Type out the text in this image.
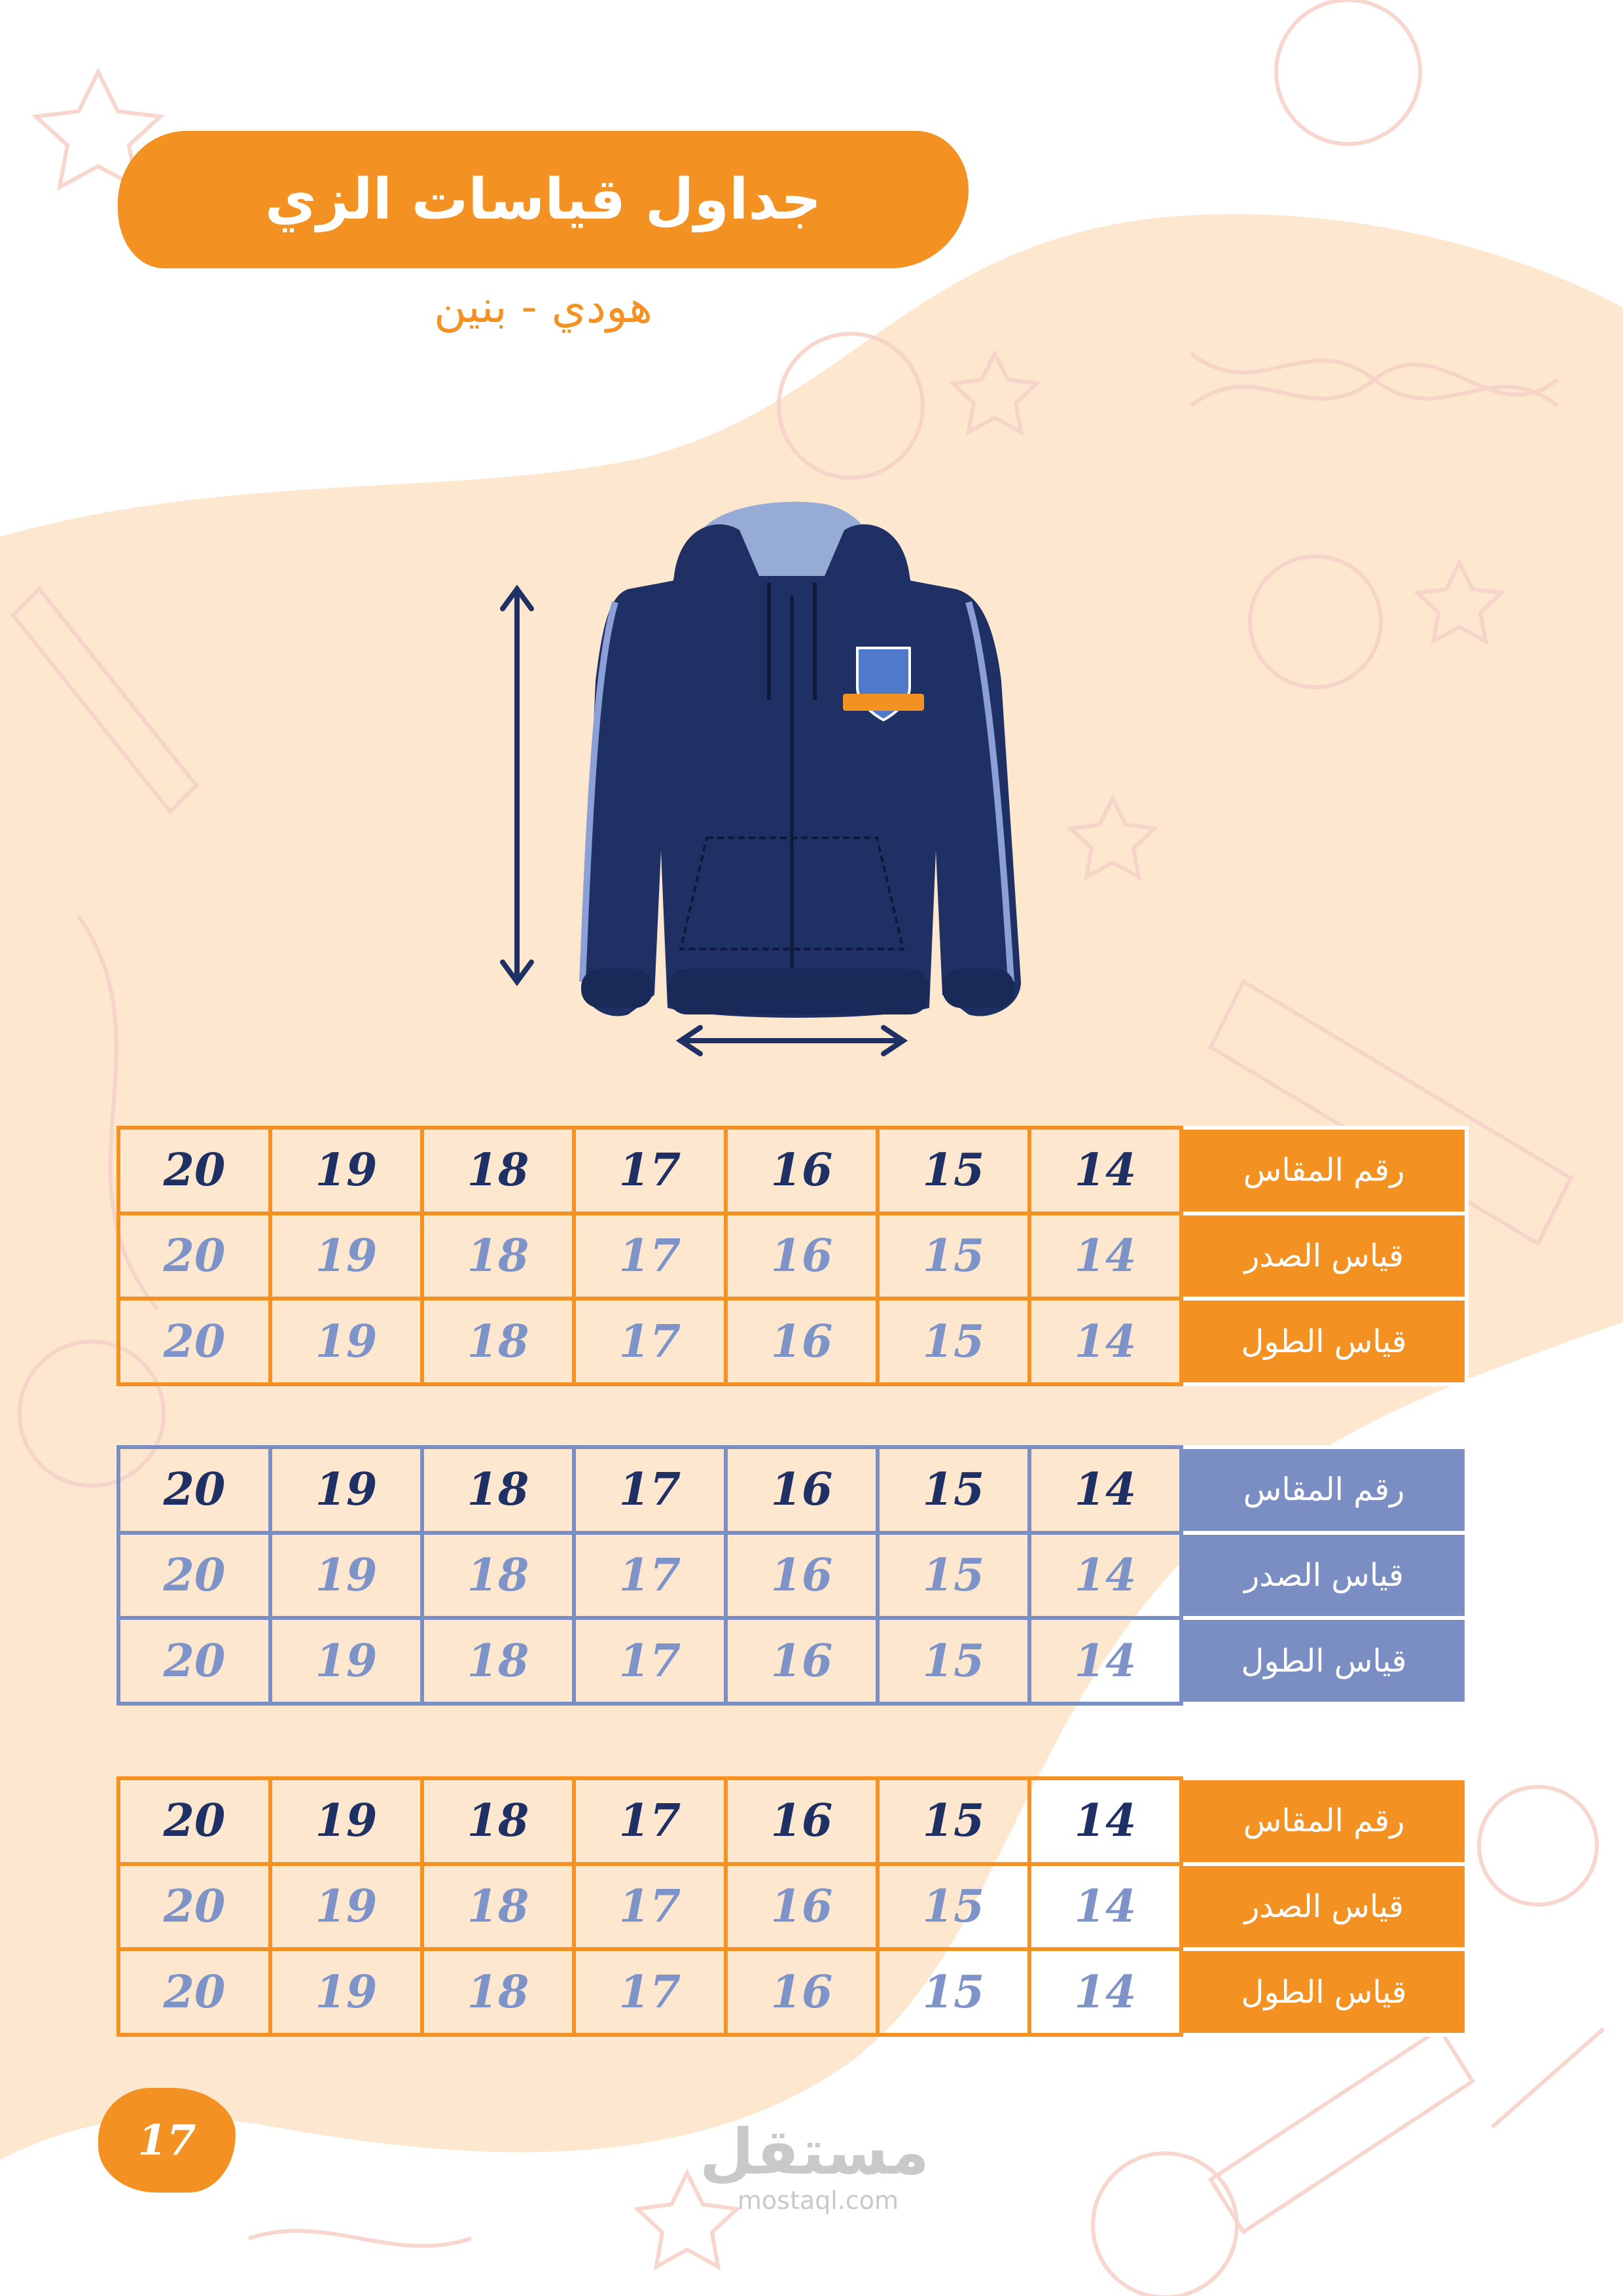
جداول قياسات الزي
هودي - بنين
20	19	18	17	16	15	14	رقم المقاس
20	19	18	17	16	15	14	قياس الصدر
20	19	18	17	16	15	14	قياس الطول
20	19	18	17	16	15	14	رقم المقاس
20	19	18	17	16	15	14	قياس الصدر
20	19	18	17	16	15	14	قياس الطول
20	19	18	17	16	15	14	رقم المقاس
20	19	18	17	16	15	14	قياس الصدر
20	19	18	17	16	15	14	قياس الطول
17	مستقل
mostaql.com
